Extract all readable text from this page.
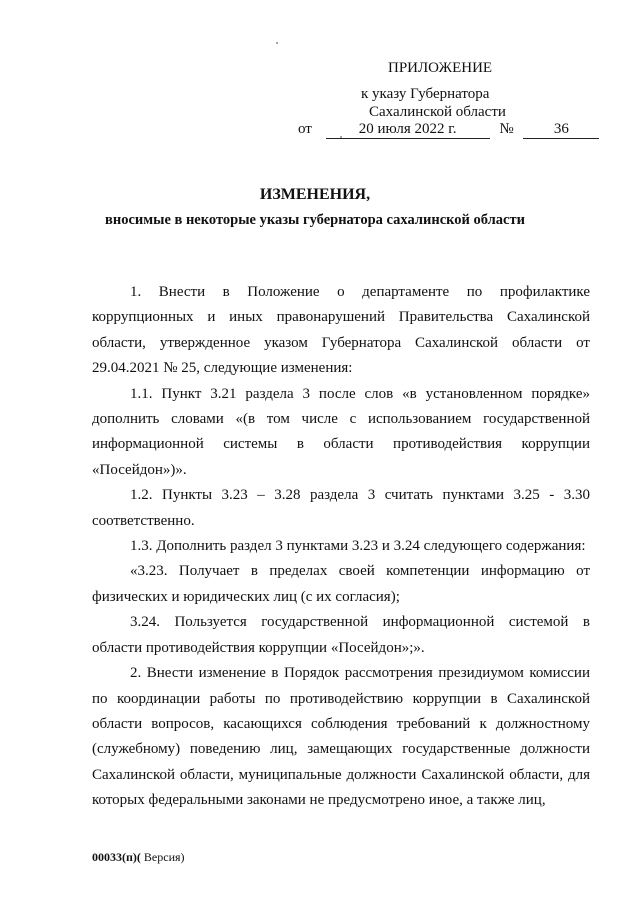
ПРИЛОЖЕНИЕ
к указу Губернатора
Сахалинской области
от	20 июля 2022 г.	№	36
ИЗМЕНЕНИЯ,
вносимые в некоторые указы губернатора сахалинской области

1. Внести в Положение о департаменте по профилактике коррупционных и иных правонарушений Правительства Сахалинской области, утвержденное указом Губернатора Сахалинской области от 29.04.2021 № 25, следующие изменения:

1.1. Пункт 3.21 раздела 3 после слов «в установленном порядке» дополнить словами «(в том числе с использованием государственной информационной системы в области противодействия коррупции «Посейдон»)».

1.2. Пункты 3.23 – 3.28 раздела 3 считать пунктами 3.25 - 3.30 соответственно.

1.3. Дополнить раздел 3 пунктами 3.23 и 3.24 следующего содержания:

«3.23. Получает в пределах своей компетенции информацию от физических и юридических лиц (с их согласия);

3.24. Пользуется государственной информационной системой в области противодействия коррупции «Посейдон»;».

2. Внести изменение в Порядок рассмотрения президиумом комиссии по координации работы по противодействию коррупции в Сахалинской области вопросов, касающихся соблюдения требований к должностному (служебному) поведению лиц, замещающих государственные должности Сахалинской области, муниципальные должности Сахалинской области, для которых федеральными законами не предусмотрено иное, а также лиц,

00033(п)( Версия)
